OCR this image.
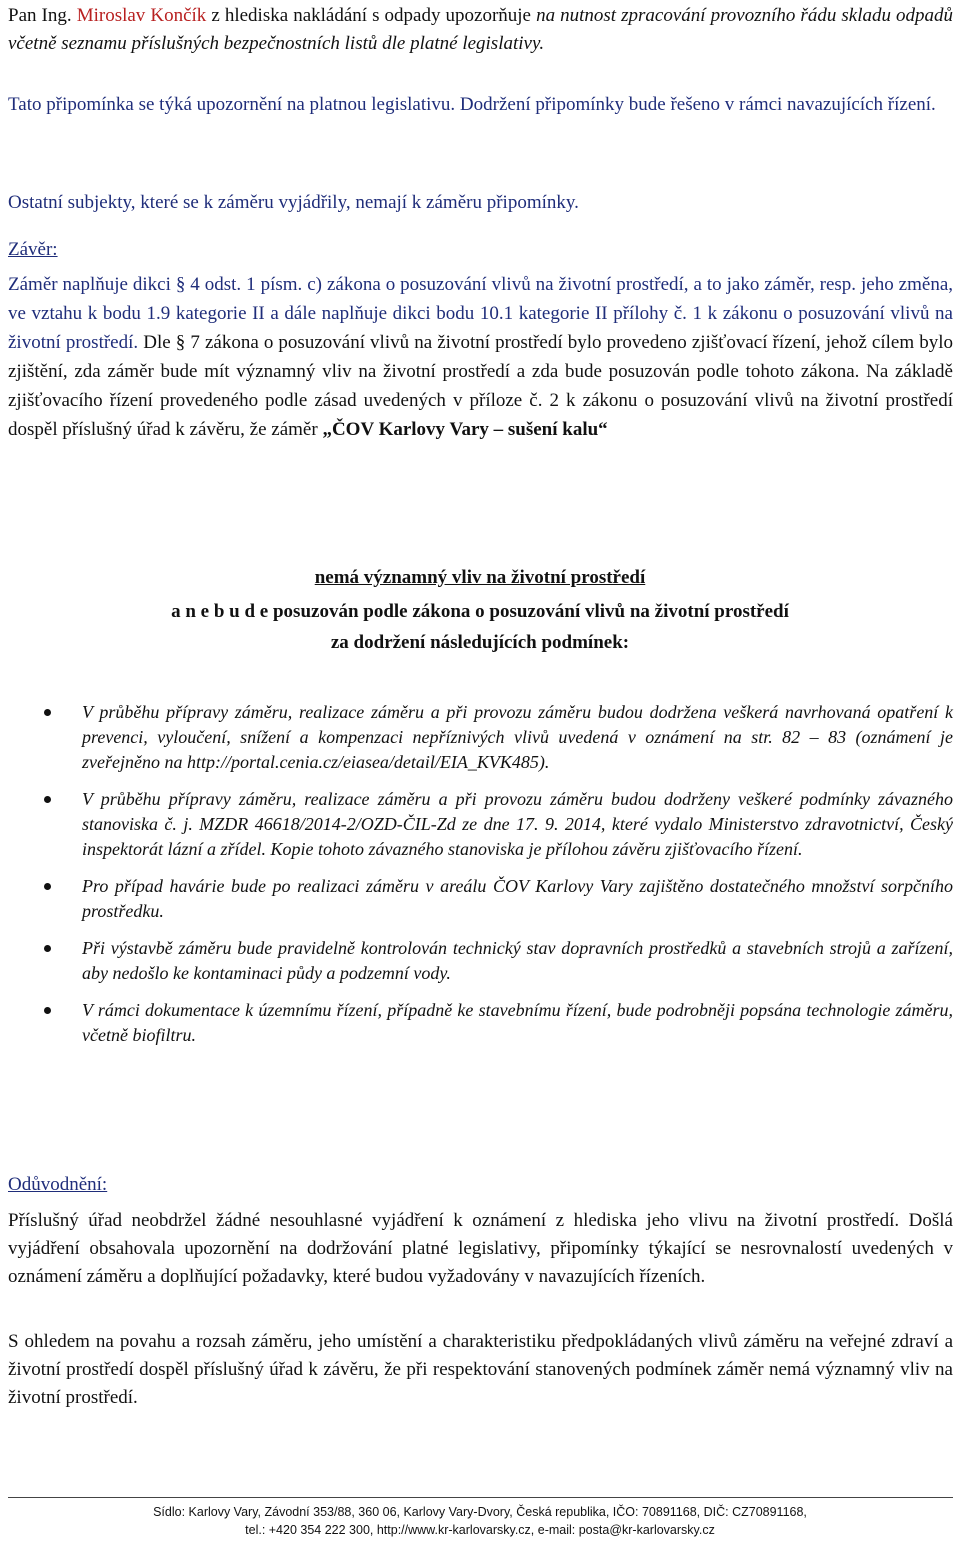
Pan Ing. Miroslav Končík z hlediska nakládání s odpady upozorňuje na nutnost zpracování provozního řádu skladu odpadů včetně seznamu příslušných bezpečnostních listů dle platné legislativy.

Tato připomínka se týká upozornění na platnou legislativu. Dodržení připomínky bude řešeno v rámci navazujících řízení.

Ostatní subjekty, které se k záměru vyjádřily, nemají k záměru připomínky.

Závěr:

Záměr naplňuje dikci § 4 odst. 1 písm. c) zákona o posuzování vlivů na životní prostředí, a to jako záměr, resp. jeho změna, ve vztahu k bodu 1.9 kategorie II a dále naplňuje dikci bodu 10.1 kategorie II přílohy č. 1 k zákonu o posuzování vlivů na životní prostředí. Dle § 7 zákona o posuzování vlivů na životní prostředí bylo provedeno zjišťovací řízení, jehož cílem bylo zjištění, zda záměr bude mít významný vliv na životní prostředí a zda bude posuzován podle tohoto zákona. Na základě zjišťovacího řízení provedeného podle zásad uvedených v příloze č. 2 k zákonu o posuzování vlivů na životní prostředí dospěl příslušný úřad k závěru, že záměr „ČOV Karlovy Vary – sušení kalu“

nemá významný vliv na životní prostředí

a n e b u d e posuzován podle zákona o posuzování vlivů na životní prostředí

za dodržení následujících podmínek:

V průběhu přípravy záměru, realizace záměru a při provozu záměru budou dodržena veškerá navrhovaná opatření k prevenci, vyloučení, snížení a kompenzaci nepříznivých vlivů uvedená v oznámení na str. 82 – 83 (oznámení je zveřejněno na http://portal.cenia.cz/eiasea/detail/EIA_KVK485).
V průběhu přípravy záměru, realizace záměru a při provozu záměru budou dodrženy veškeré podmínky závazného stanoviska č. j. MZDR 46618/2014-2/OZD-ČIL-Zd ze dne 17. 9. 2014, které vydalo Ministerstvo zdravotnictví, Český inspektorát lázní a zřídel. Kopie tohoto závazného stanoviska je přílohou závěru zjišťovacího řízení.
Pro případ havárie bude po realizaci záměru v areálu ČOV Karlovy Vary zajištěno dostatečného množství sorpčního prostředku.
Při výstavbě záměru bude pravidelně kontrolován technický stav dopravních prostředků a stavebních strojů a zařízení, aby nedošlo ke kontaminaci půdy a podzemní vody.
V rámci dokumentace k územnímu řízení, případně ke stavebnímu řízení, bude podrobněji popsána technologie záměru, včetně biofiltru.

Odůvodnění:

Příslušný úřad neobdržel žádné nesouhlasné vyjádření k oznámení z hlediska jeho vlivu na životní prostředí. Došlá vyjádření obsahovala upozornění na dodržování platné legislativy, připomínky týkající se nesrovnalostí uvedených v oznámení záměru a doplňující požadavky, které budou vyžadovány v navazujících řízeních.

S ohledem na povahu a rozsah záměru, jeho umístění a charakteristiku předpokládaných vlivů záměru na veřejné zdraví a životní prostředí dospěl příslušný úřad k závěru, že při respektování stanovených podmínek záměr nemá významný vliv na životní prostředí.

Sídlo: Karlovy Vary, Závodní 353/88, 360 06, Karlovy Vary-Dvory, Česká republika, IČO: 70891168, DIČ: CZ70891168,
tel.: +420 354 222 300, http://www.kr-karlovarsky.cz, e-mail: posta@kr-karlovarsky.cz
